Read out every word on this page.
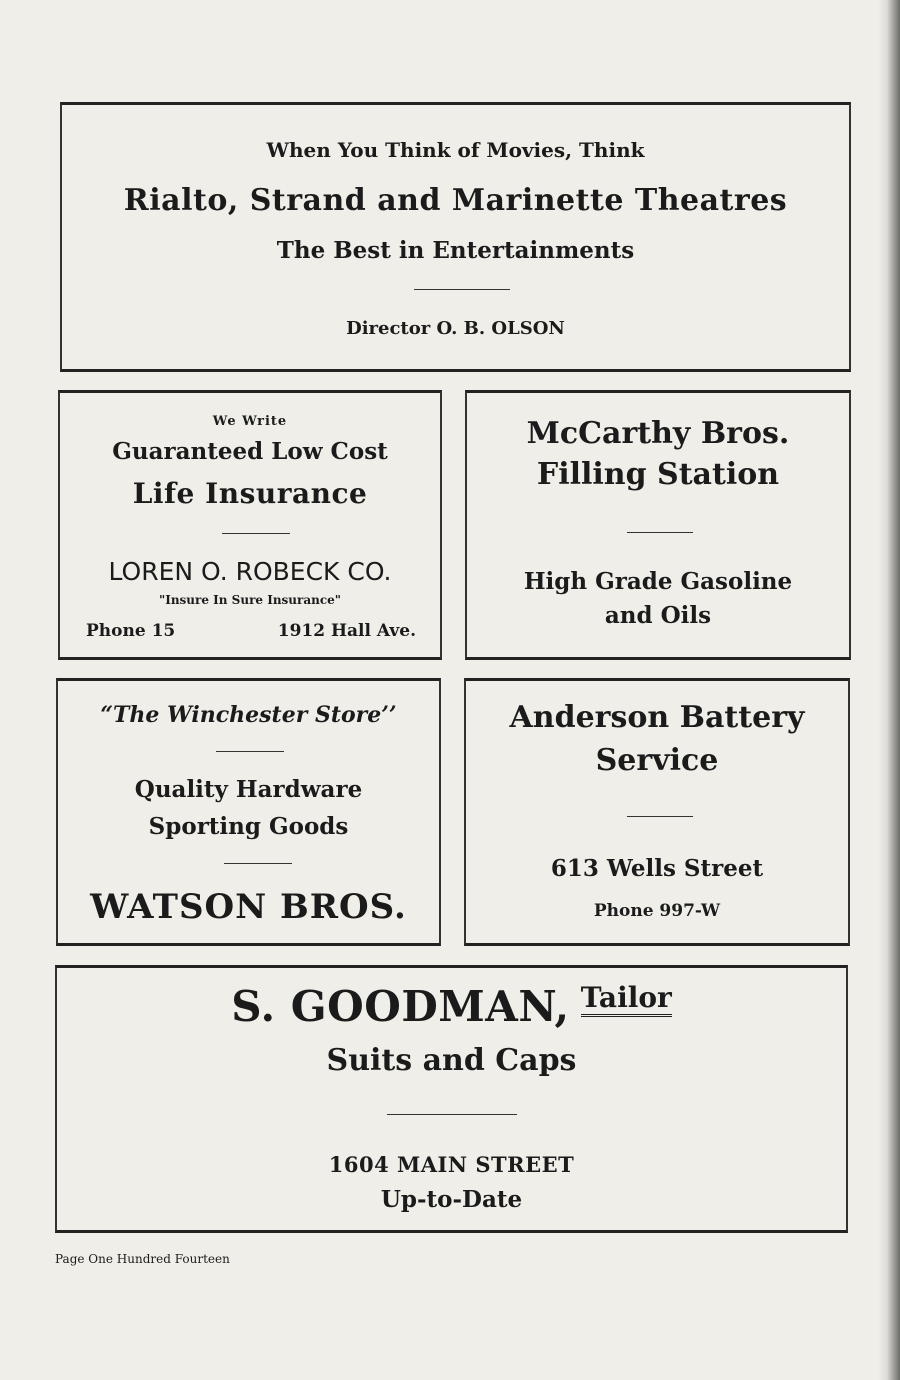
When You Think of Movies, Think
Rialto, Strand and Marinette Theatres
The Best in Entertainments
Director O. B. OLSON
We Write
Guaranteed Low Cost
Life Insurance
LOREN O. ROBECK CO.
"Insure In Sure Insurance"
Phone 15	1912 Hall Ave.
McCarthy Bros.
Filling Station
High Grade Gasoline
and Oils
“The Winchester Store’’
Quality Hardware
Sporting Goods
WATSON BROS.
Anderson Battery
Service
613 Wells Street
Phone 997-W
S. GOODMAN, Tailor
Suits and Caps
1604 MAIN STREET
Up-to-Date
Page One Hundred Fourteen
